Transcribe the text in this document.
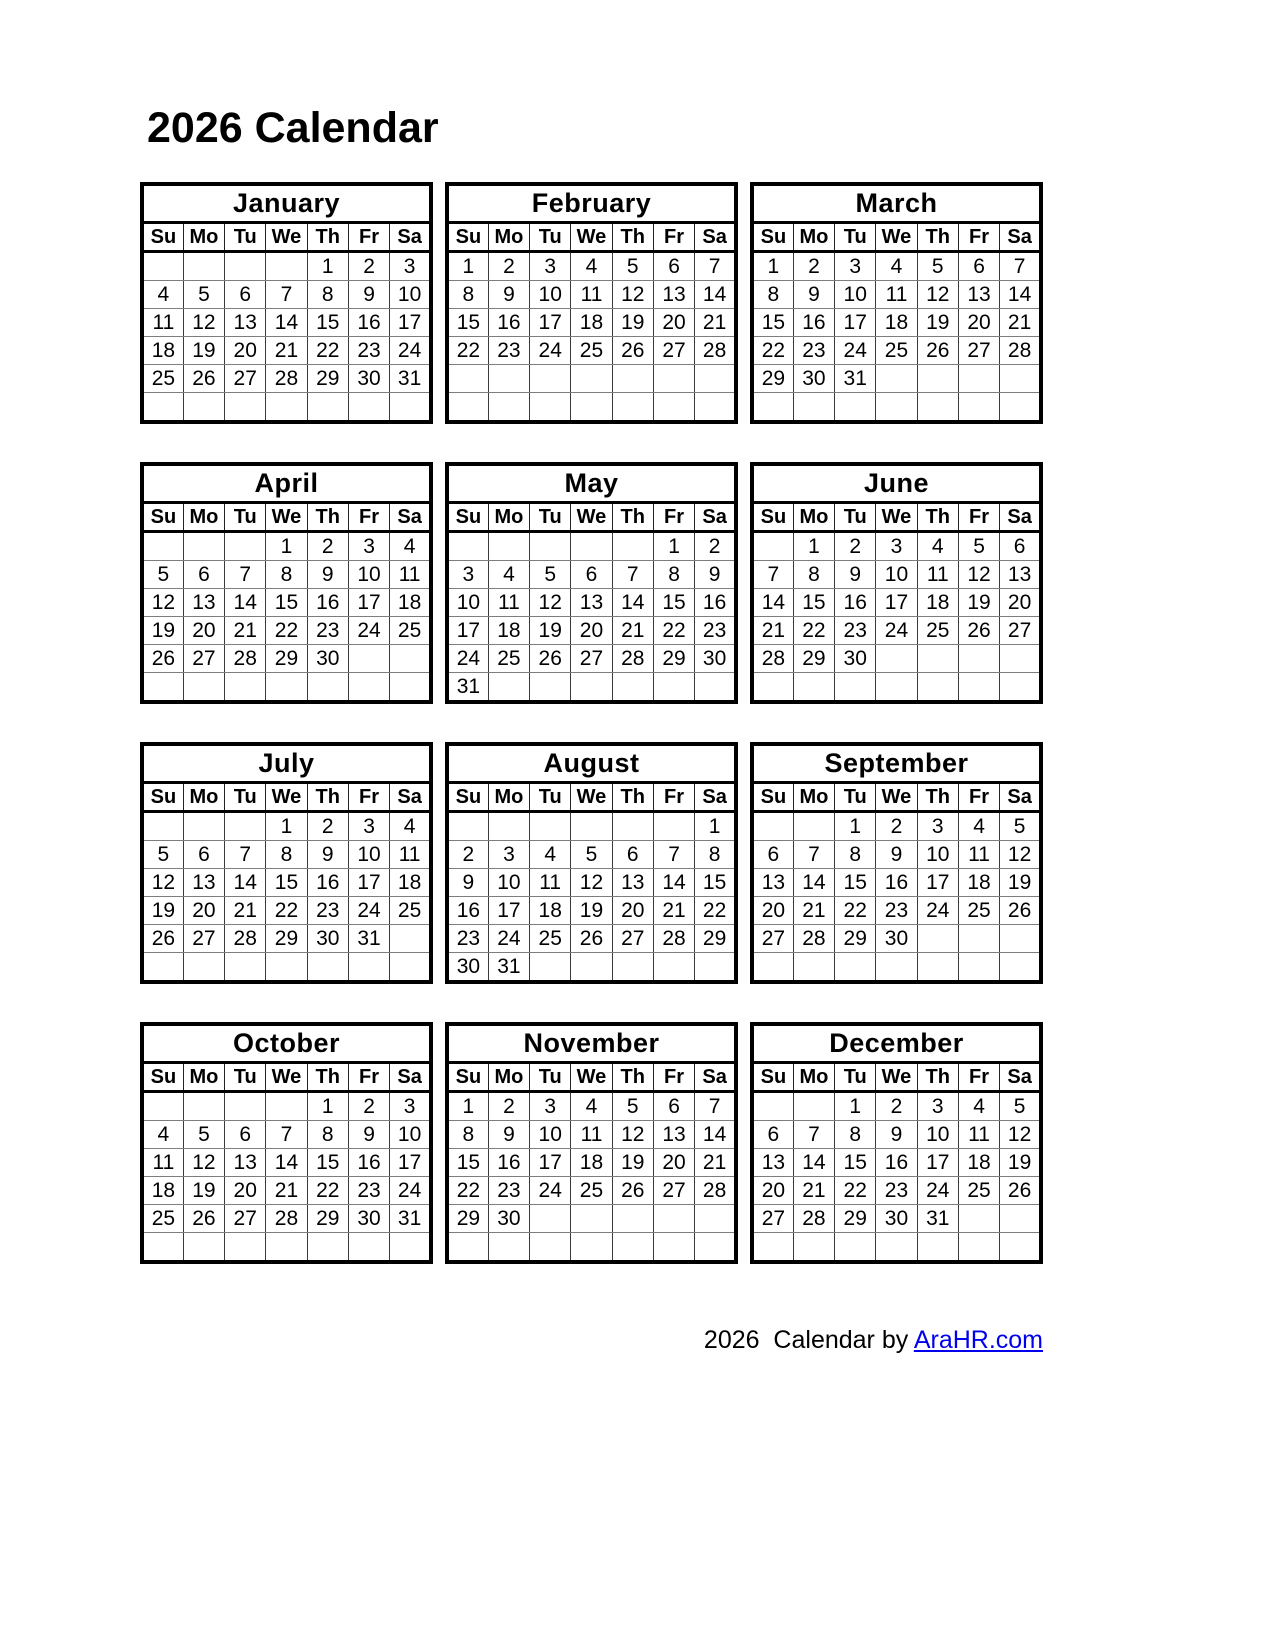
2026 Calendar
January						
Su	Mo	Tu	We	Th	Fr	Sa
				1	2	3
4	5	6	7	8	9	10
11	12	13	14	15	16	17
18	19	20	21	22	23	24
25	26	27	28	29	30	31

February						
Su	Mo	Tu	We	Th	Fr	Sa
1	2	3	4	5	6	7
8	9	10	11	12	13	14
15	16	17	18	19	20	21
22	23	24	25	26	27	28

March						
Su	Mo	Tu	We	Th	Fr	Sa
1	2	3	4	5	6	7
8	9	10	11	12	13	14
15	16	17	18	19	20	21
22	23	24	25	26	27	28
29	30	31				

April						
Su	Mo	Tu	We	Th	Fr	Sa
			1	2	3	4
5	6	7	8	9	10	11
12	13	14	15	16	17	18
19	20	21	22	23	24	25
26	27	28	29	30		

May						
Su	Mo	Tu	We	Th	Fr	Sa
					1	2
3	4	5	6	7	8	9
10	11	12	13	14	15	16
17	18	19	20	21	22	23
24	25	26	27	28	29	30
31						
June						
Su	Mo	Tu	We	Th	Fr	Sa
	1	2	3	4	5	6
7	8	9	10	11	12	13
14	15	16	17	18	19	20
21	22	23	24	25	26	27
28	29	30				

July						
Su	Mo	Tu	We	Th	Fr	Sa
			1	2	3	4
5	6	7	8	9	10	11
12	13	14	15	16	17	18
19	20	21	22	23	24	25
26	27	28	29	30	31	

August						
Su	Mo	Tu	We	Th	Fr	Sa
						1
2	3	4	5	6	7	8
9	10	11	12	13	14	15
16	17	18	19	20	21	22
23	24	25	26	27	28	29
30	31					
September						
Su	Mo	Tu	We	Th	Fr	Sa
		1	2	3	4	5
6	7	8	9	10	11	12
13	14	15	16	17	18	19
20	21	22	23	24	25	26
27	28	29	30			

October						
Su	Mo	Tu	We	Th	Fr	Sa
				1	2	3
4	5	6	7	8	9	10
11	12	13	14	15	16	17
18	19	20	21	22	23	24
25	26	27	28	29	30	31

November						
Su	Mo	Tu	We	Th	Fr	Sa
1	2	3	4	5	6	7
8	9	10	11	12	13	14
15	16	17	18	19	20	21
22	23	24	25	26	27	28
29	30					

December						
Su	Mo	Tu	We	Th	Fr	Sa
		1	2	3	4	5
6	7	8	9	10	11	12
13	14	15	16	17	18	19
20	21	22	23	24	25	26
27	28	29	30	31		

2026  Calendar by AraHR.com
